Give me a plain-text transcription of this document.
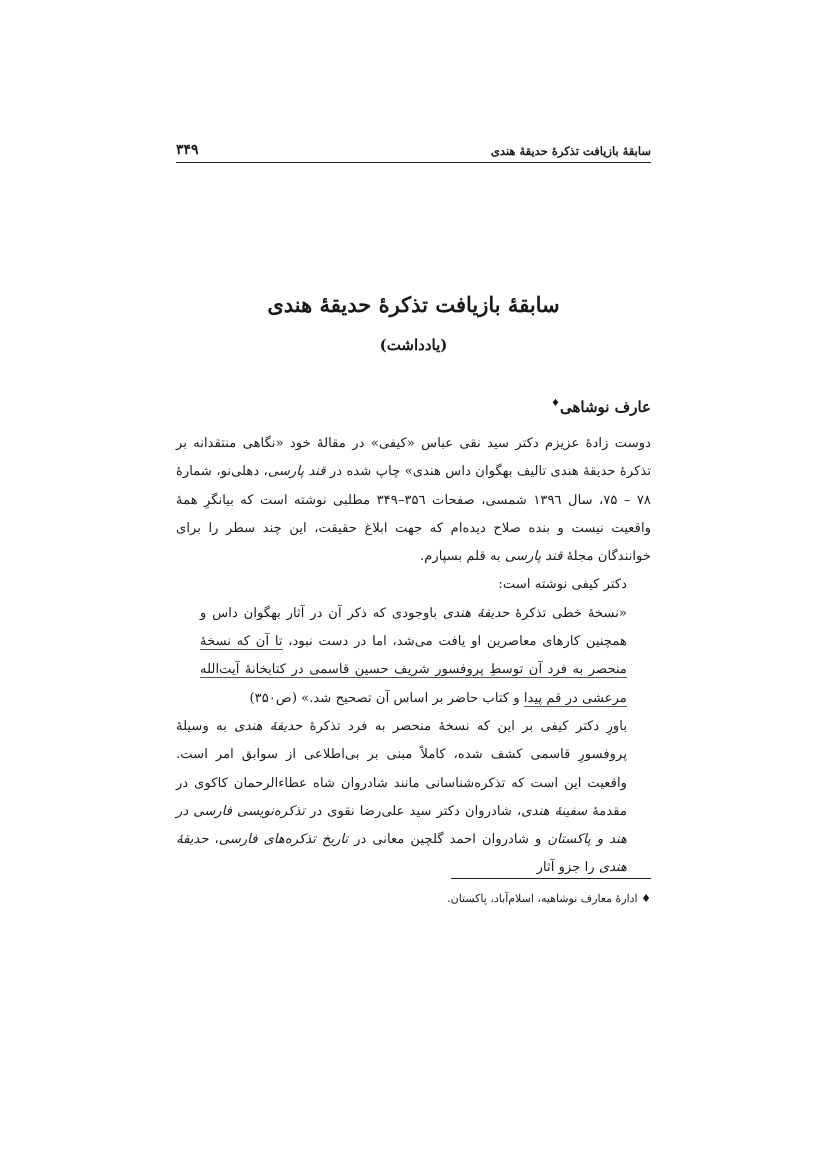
سابقهٔ بازیافت تذکرهٔ حدیقهٔ هندی
۳۴۹
سابقهٔ بازیافت تذکرهٔ حدیقهٔ هندی
(یادداشت)
عارف نوشاهی♦

دوست زادهٔ عزیزم دکتر سید نقی عباس «کیفی» در مقالهٔ خود «نگاهی منتقدانه بر تذکرهٔ حدیقهٔ هندی تالیف بهگوان داس هندی» چاپ شده در قند پارسی، دهلی‌نو، شمارهٔ ۷۸ – ۷۵، سال ۱۳۹٦ شمسی، صفحات ۳۵٦–۳۴۹ مطلبی نوشته است که بیانگرِ همهٔ واقعیت نیست و بنده صلاح دیده‌ام که جهت ابلاغ حقیقت، این چند سطر را برای خوانندگان مجلهٔ قند پارسی به قلم بسپارم.

دکتر کیفی نوشته است:

«نسخهٔ خطی تذکرهٔ حدیقهٔ هندی باوجودی که ذکر آن در آثار بهگوان داس و همچنین کارهای معاصرین او یافت می‌شد، اما در دست نبود، تا آن که نسخهٔ منحصر به فرد آن توسطِ پروفسور شریف حسین قاسمی در کتابخانهٔ آیت‌الله مرعشی در قم پیدا و کتاب حاضر بر اساس آن تصحیح شد.» (ص۳۵۰)

باورِ دکتر کیفی بر این که نسخهٔ منحصر به فرد تذکرهٔ حدیقهٔ هندی به وسیلهٔ پروفسورِ قاسمی کشف شده، کاملاً مبنی بر بی‌اطلاعی از سوابق امر است. واقعیت این است که تذکره‌شناسانی مانند شادروان شاه عطاءالرحمان کاکوی در مقدمهٔ سفینهٔ هندی، شادروان دکتر سید علی‌رضا نقوی در تذکره‌نویسی فارسی در هند و پاکستان و شادروان احمد گلچین معانی در تاریخ تذکره‌های فارسی، حدیقهٔ هندی را جزو آثار

♦ ادارهٔ معارف نوشاهیه، اسلام‌آباد، پاکستان.
